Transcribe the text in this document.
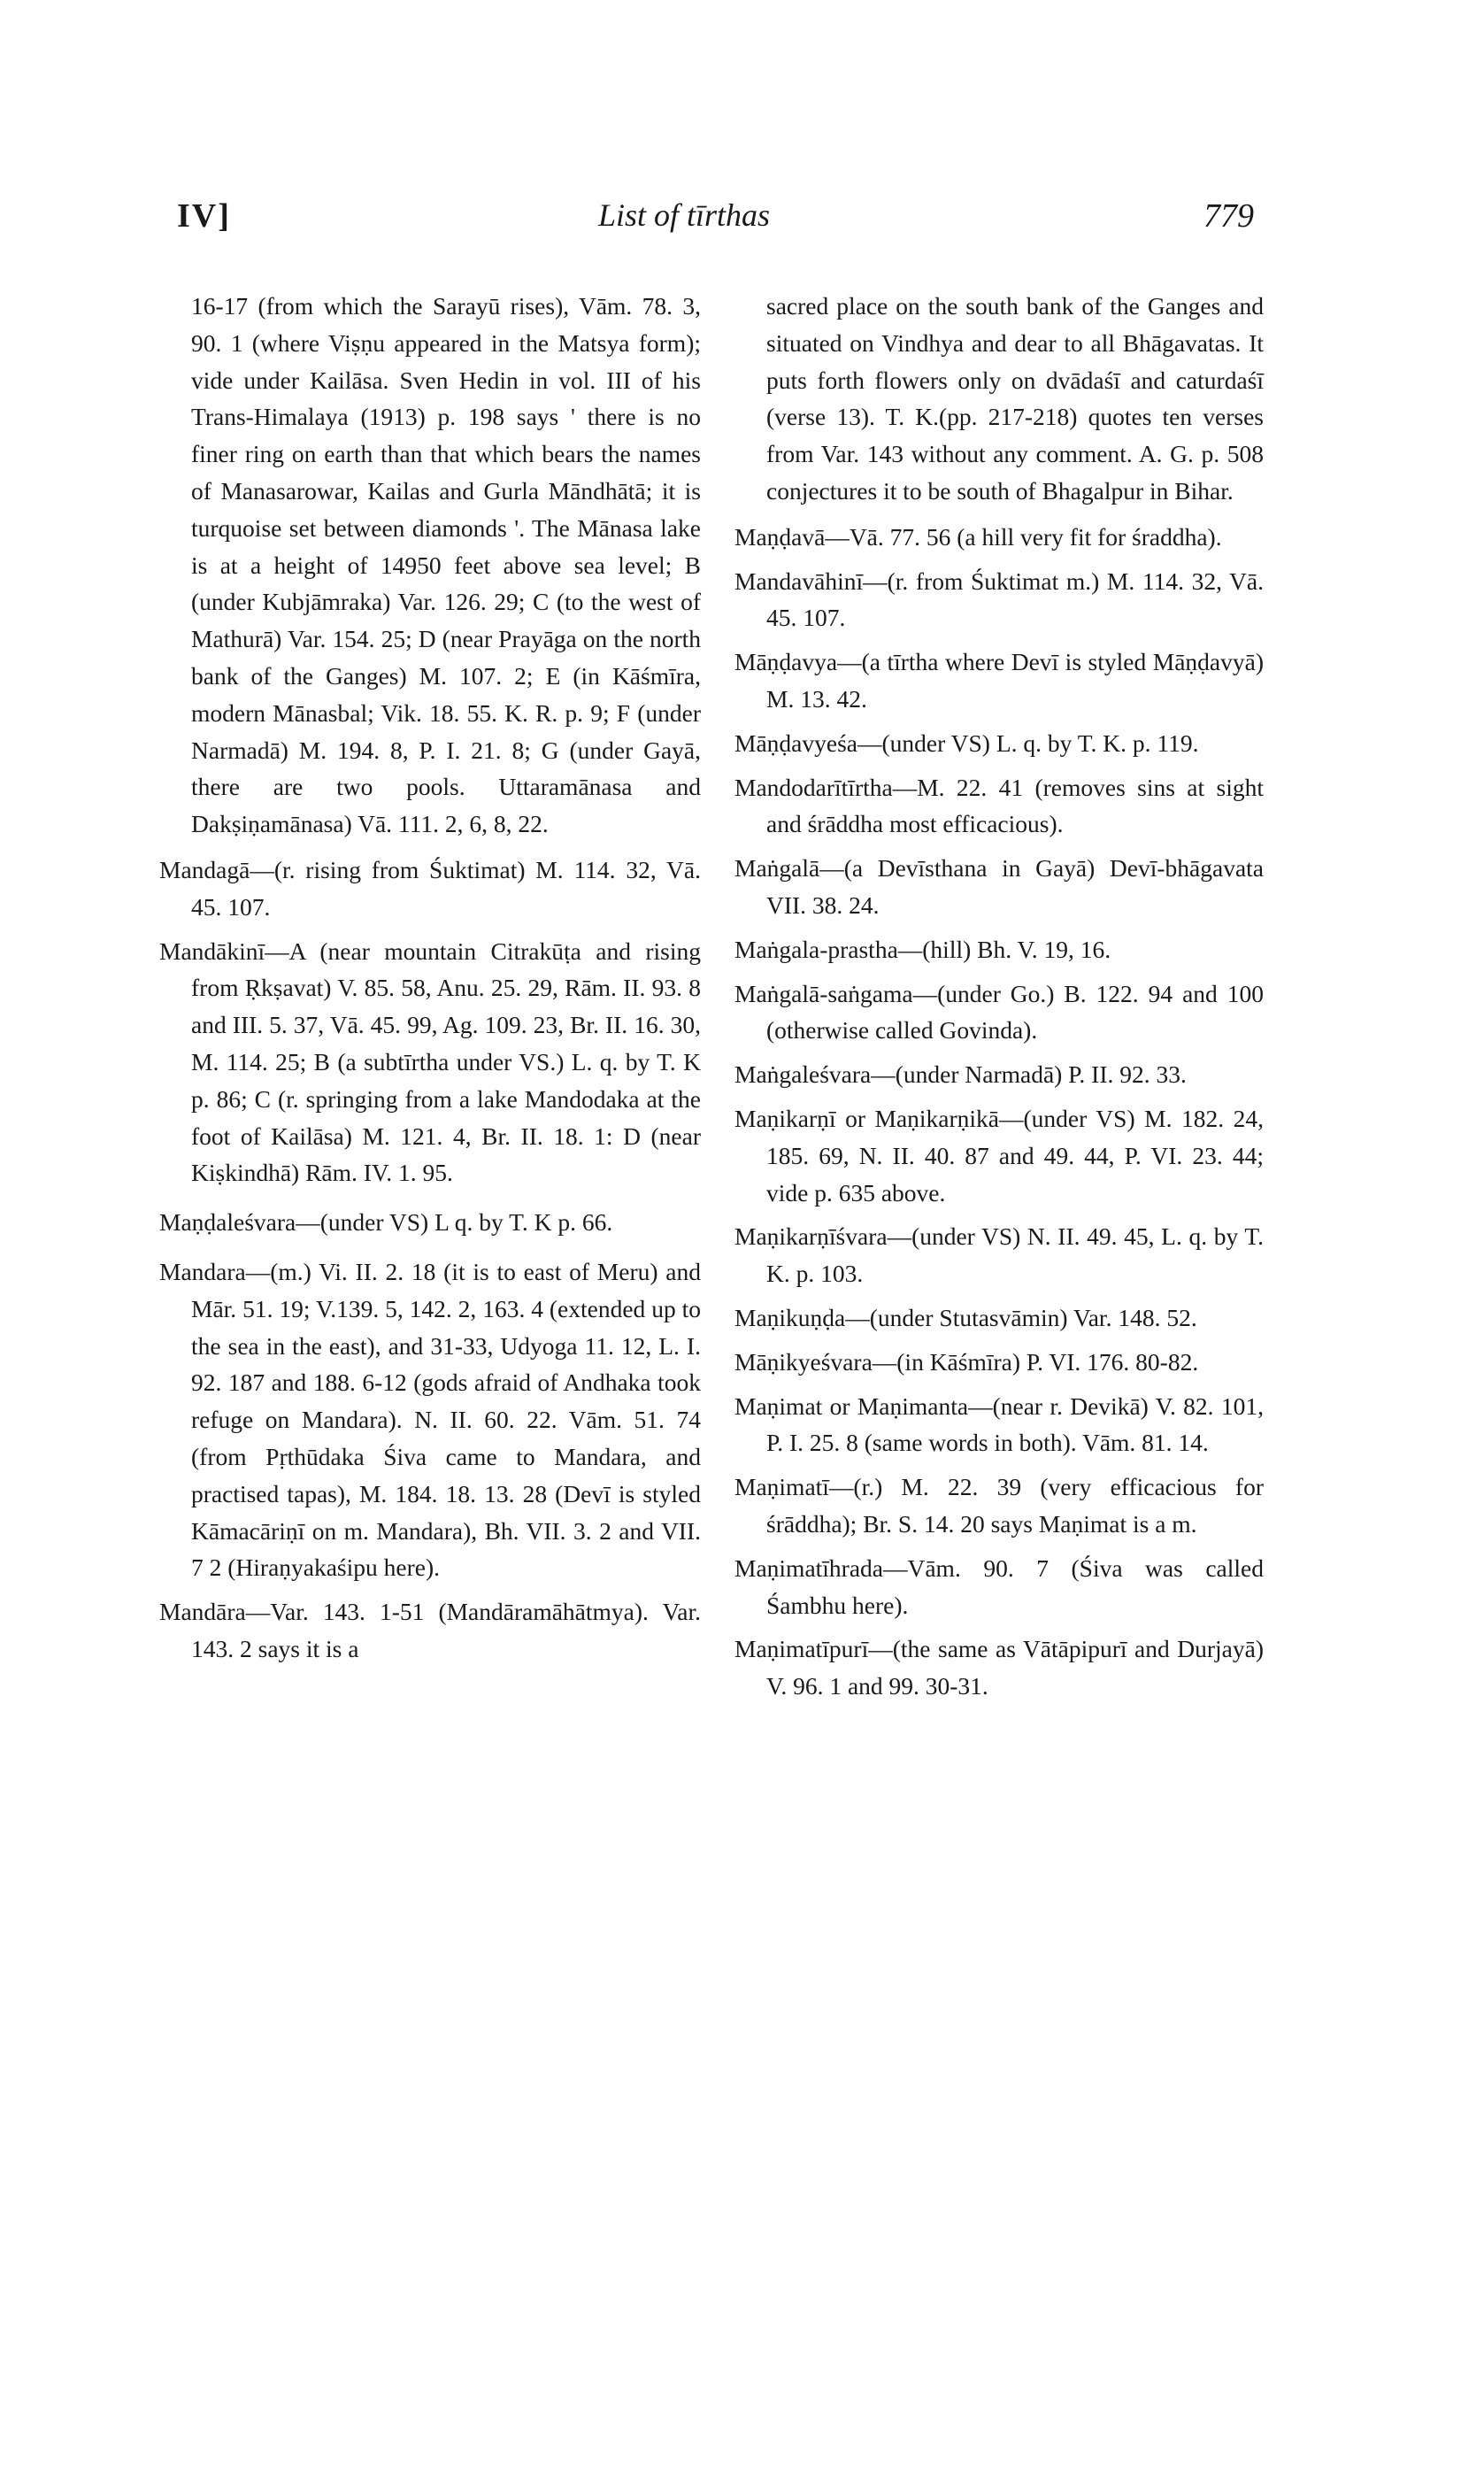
IV]	List of tīrthas	779

16-17 (from which the Sarayū rises), Vām. 78. 3, 90. 1 (where Viṣṇu appeared in the Matsya form); vide under Kailāsa. Sven Hedin in vol. III of his Trans-Himalaya (1913) p. 198 says ' there is no finer ring on earth than that which bears the names of Manasarowar, Kailas and Gurla Māndhātā; it is turquoise set between diamonds '. The Mānasa lake is at a height of 14950 feet above sea level; B (under Kubjāmraka) Var. 126. 29; C (to the west of Mathurā) Var. 154. 25; D (near Prayāga on the north bank of the Ganges) M. 107. 2; E (in Kāśmīra, modern Mānasbal; Vik. 18. 55. K. R. p. 9; F (under Narmadā) M. 194. 8, P. I. 21. 8; G (under Gayā, there are two pools. Uttaramānasa and Dakṣiṇamānasa) Vā. 111. 2, 6, 8, 22.

Mandagā—(r. rising from Śuktimat) M. 114. 32, Vā. 45. 107.

Mandākinī—A (near mountain Citrakūṭa and rising from Ṛkṣavat) V. 85. 58, Anu. 25. 29, Rām. II. 93. 8 and III. 5. 37, Vā. 45. 99, Ag. 109. 23, Br. II. 16. 30, M. 114. 25; B (a subtīrtha under VS.) L. q. by T. K p. 86; C (r. springing from a lake Mandodaka at the foot of Kailāsa) M. 121. 4, Br. II. 18. 1: D (near Kiṣkindhā) Rām. IV. 1. 95.

Maṇḍaleśvara—(under VS) L q. by T. K p. 66.

Mandara—(m.) Vi. II. 2. 18 (it is to east of Meru) and Mār. 51. 19; V.139. 5, 142. 2, 163. 4 (extended up to the sea in the east), and 31-33, Udyoga 11. 12, L. I. 92. 187 and 188. 6-12 (gods afraid of Andhaka took refuge on Mandara). N. II. 60. 22. Vām. 51. 74 (from Pṛthūdaka Śiva came to Mandara, and practised tapas), M. 184. 18. 13. 28 (Devī is styled Kāmacāriṇī on m. Mandara), Bh. VII. 3. 2 and VII. 7 2 (Hiraṇyakaśipu here).

Mandāra—Var. 143. 1-51 (Mandāramāhātmya). Var. 143. 2 says it is a

sacred place on the south bank of the Ganges and situated on Vindhya and dear to all Bhāgavatas. It puts forth flowers only on dvādaśī and caturdaśī (verse 13). T. K.(pp. 217-218) quotes ten verses from Var. 143 without any comment. A. G. p. 508 conjectures it to be south of Bhagalpur in Bihar.

Maṇḍavā—Vā. 77. 56 (a hill very fit for śraddha).

Mandavāhinī—(r. from Śuktimat m.) M. 114. 32, Vā. 45. 107.

Māṇḍavya—(a tīrtha where Devī is styled Māṇḍavyā) M. 13. 42.

Māṇḍavyeśa—(under VS) L. q. by T. K. p. 119.

Mandodarītīrtha—M. 22. 41 (removes sins at sight and śrāddha most efficacious).

Maṅgalā—(a Devīsthana in Gayā) Devī-bhāgavata VII. 38. 24.

Maṅgala-prastha—(hill) Bh. V. 19, 16.

Maṅgalā-saṅgama—(under Go.) B. 122. 94 and 100 (otherwise called Govinda).

Maṅgaleśvara—(under Narmadā) P. II. 92. 33.

Maṇikarṇī or Maṇikarṇikā—(under VS) M. 182. 24, 185. 69, N. II. 40. 87 and 49. 44, P. VI. 23. 44; vide p. 635 above.

Maṇikarṇīśvara—(under VS) N. II. 49. 45, L. q. by T. K. p. 103.

Maṇikuṇḍa—(under Stutasvāmin) Var. 148. 52.

Māṇikyeśvara—(in Kāśmīra) P. VI. 176. 80-82.

Maṇimat or Maṇimanta—(near r. Devikā) V. 82. 101, P. I. 25. 8 (same words in both). Vām. 81. 14.

Maṇimatī—(r.) M. 22. 39 (very efficacious for śrāddha); Br. S. 14. 20 says Maṇimat is a m.

Maṇimatīhrada—Vām. 90. 7 (Śiva was called Śambhu here).

Maṇimatīpurī—(the same as Vātāpipurī and Durjayā) V. 96. 1 and 99. 30-31.
